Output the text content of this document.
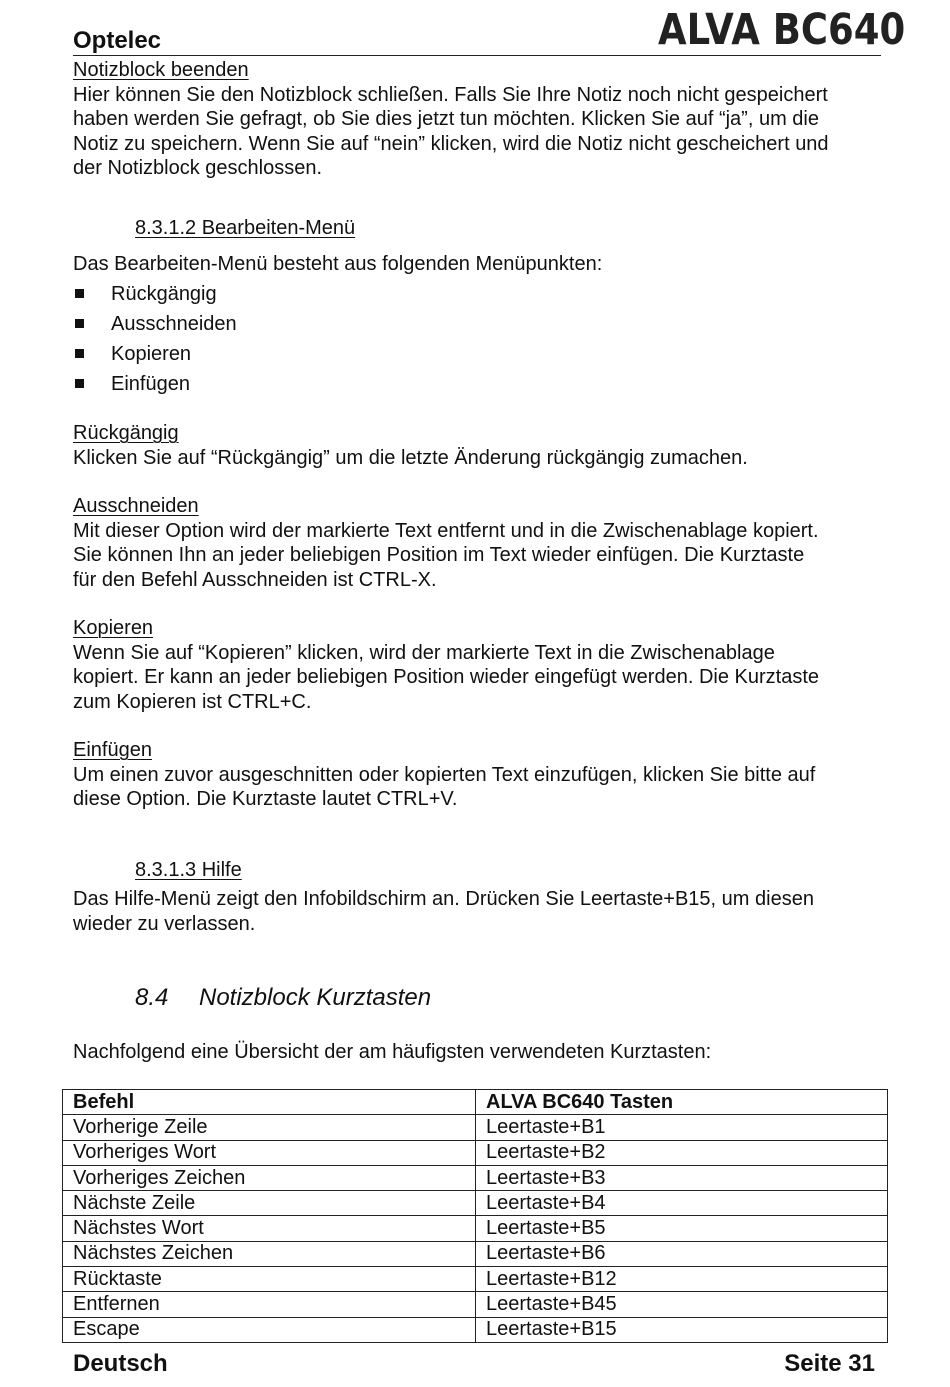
Optelec	ALVA BC640
Notizblock beenden
Hier können Sie den Notizblock schließen. Falls Sie Ihre Notiz noch nicht gespeichert
haben werden Sie gefragt, ob Sie dies jetzt tun möchten. Klicken Sie auf “ja”, um die
Notiz zu speichern. Wenn Sie auf “nein” klicken, wird die Notiz nicht gescheichert und
der Notizblock geschlossen.
8.3.1.2 Bearbeiten-Menü
Das Bearbeiten-Menü besteht aus folgenden Menüpunkten:
Rückgängig
Ausschneiden
Kopieren
Einfügen
Rückgängig
Klicken Sie auf “Rückgängig” um die letzte Änderung rückgängig zumachen.
Ausschneiden
Mit dieser Option wird der markierte Text entfernt und in die Zwischenablage kopiert.
Sie können Ihn an jeder beliebigen Position im Text wieder einfügen. Die Kurztaste
für den Befehl Ausschneiden ist CTRL-X.
Kopieren
Wenn Sie auf “Kopieren” klicken, wird der markierte Text in die Zwischenablage
kopiert. Er kann an jeder beliebigen Position wieder eingefügt werden. Die Kurztaste
zum Kopieren ist CTRL+C.
Einfügen
Um einen zuvor ausgeschnitten oder kopierten Text einzufügen, klicken Sie bitte auf
diese Option. Die Kurztaste lautet CTRL+V.
8.3.1.3 Hilfe
Das Hilfe-Menü zeigt den Infobildschirm an. Drücken Sie Leertaste+B15, um diesen
wieder zu verlassen.
8.4 Notizblock Kurztasten
Nachfolgend eine Übersicht der am häufigsten verwendeten Kurztasten:
Befehl	ALVA BC640 Tasten
Vorherige Zeile	Leertaste+B1
Vorheriges Wort	Leertaste+B2
Vorheriges Zeichen	Leertaste+B3
Nächste Zeile	Leertaste+B4
Nächstes Wort	Leertaste+B5
Nächstes Zeichen	Leertaste+B6
Rücktaste	Leertaste+B12
Entfernen	Leertaste+B45
Escape	Leertaste+B15
Deutsch	Seite 31
